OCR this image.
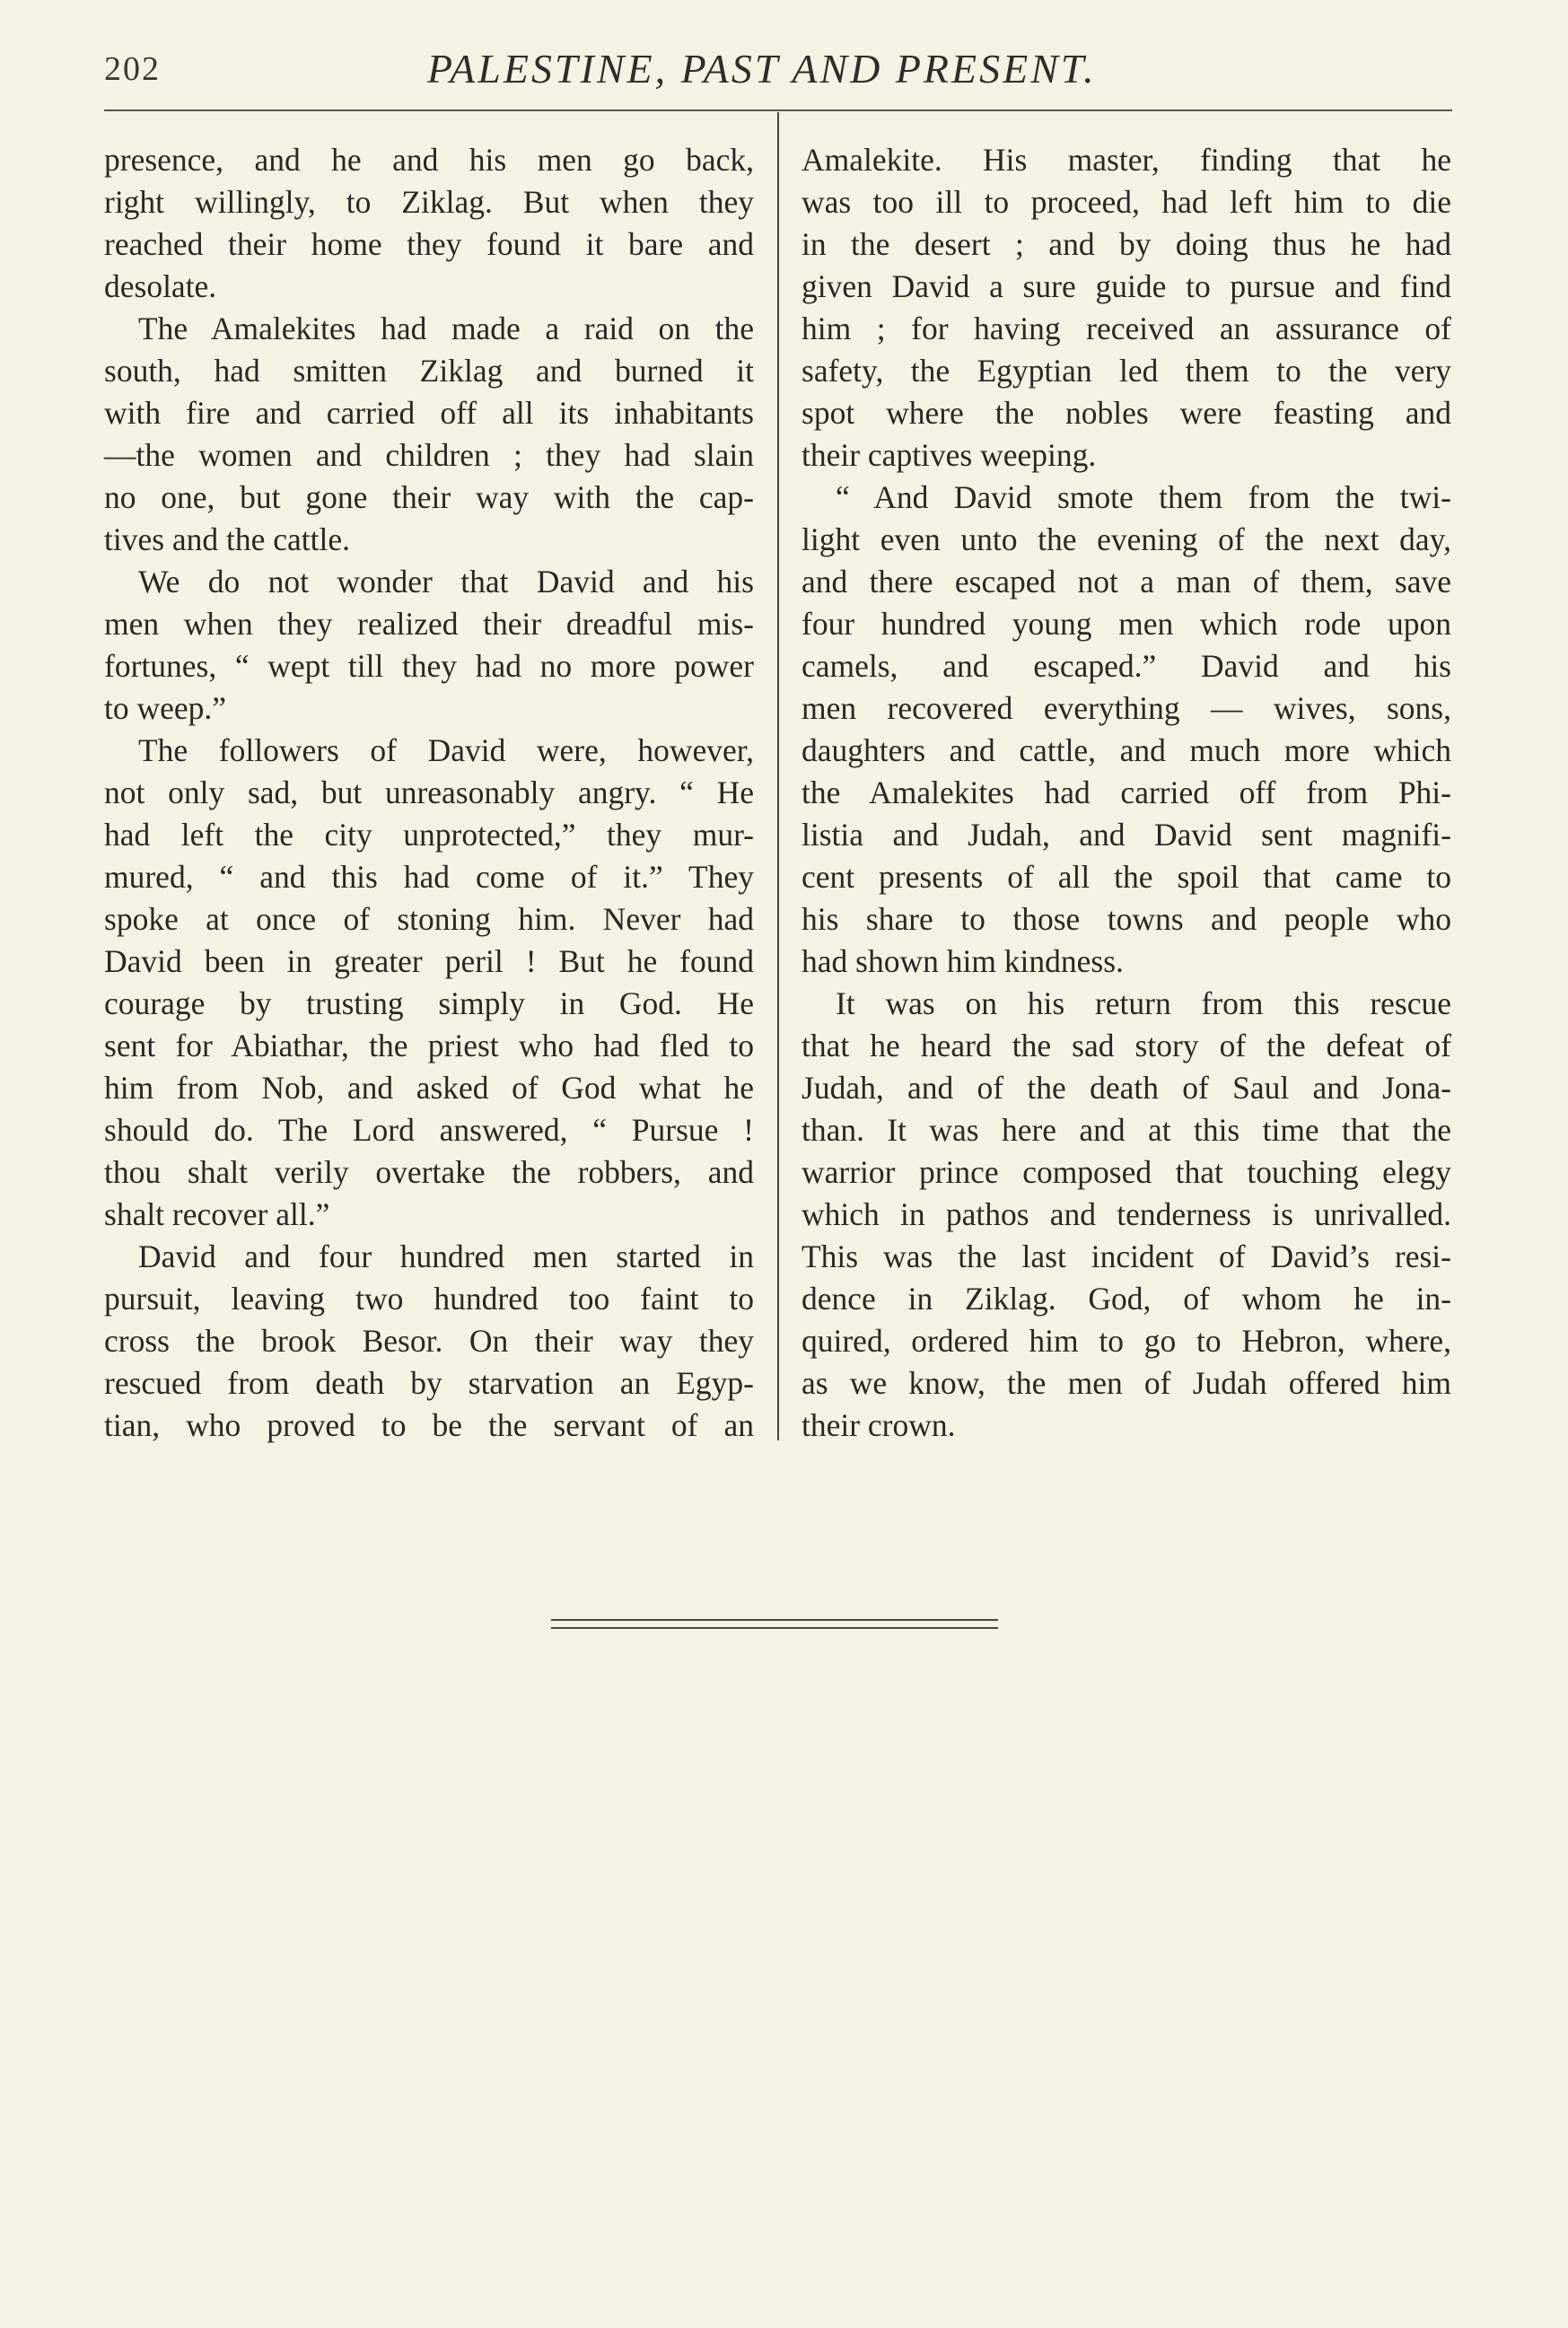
202	PALESTINE, PAST AND PRESENT.
presence, and he and his men go back,
right willingly, to Ziklag. But when they
reached their home they found it bare and
desolate.
The Amalekites had made a raid on the
south, had smitten Ziklag and burned it
with fire and carried off all its inhabitants
—the women and children ; they had slain
no one, but gone their way with the cap-
tives and the cattle.
We do not wonder that David and his
men when they realized their dreadful mis-
fortunes, “ wept till they had no more power
to weep.”
The followers of David were, however,
not only sad, but unreasonably angry. “ He
had left the city unprotected,” they mur-
mured, “ and this had come of it.” They
spoke at once of stoning him. Never had
David been in greater peril ! But he found
courage by trusting simply in God. He
sent for Abiathar, the priest who had fled to
him from Nob, and asked of God what he
should do. The Lord answered, “ Pursue !
thou shalt verily overtake the robbers, and
shalt recover all.”
David and four hundred men started in
pursuit, leaving two hundred too faint to
cross the brook Besor. On their way they
rescued from death by starvation an Egyp-
tian, who proved to be the servant of an
Amalekite. His master, finding that he
was too ill to proceed, had left him to die
in the desert ; and by doing thus he had
given David a sure guide to pursue and find
him ; for having received an assurance of
safety, the Egyptian led them to the very
spot where the nobles were feasting and
their captives weeping.
“ And David smote them from the twi-
light even unto the evening of the next day,
and there escaped not a man of them, save
four hundred young men which rode upon
camels, and escaped.” David and his
men recovered everything — wives, sons,
daughters and cattle, and much more which
the Amalekites had carried off from Phi-
listia and Judah, and David sent magnifi-
cent presents of all the spoil that came to
his share to those towns and people who
had shown him kindness.
It was on his return from this rescue
that he heard the sad story of the defeat of
Judah, and of the death of Saul and Jona-
than. It was here and at this time that the
warrior prince composed that touching elegy
which in pathos and tenderness is unrivalled.
This was the last incident of David’s resi-
dence in Ziklag. God, of whom he in-
quired, ordered him to go to Hebron, where,
as we know, the men of Judah offered him
their crown.
